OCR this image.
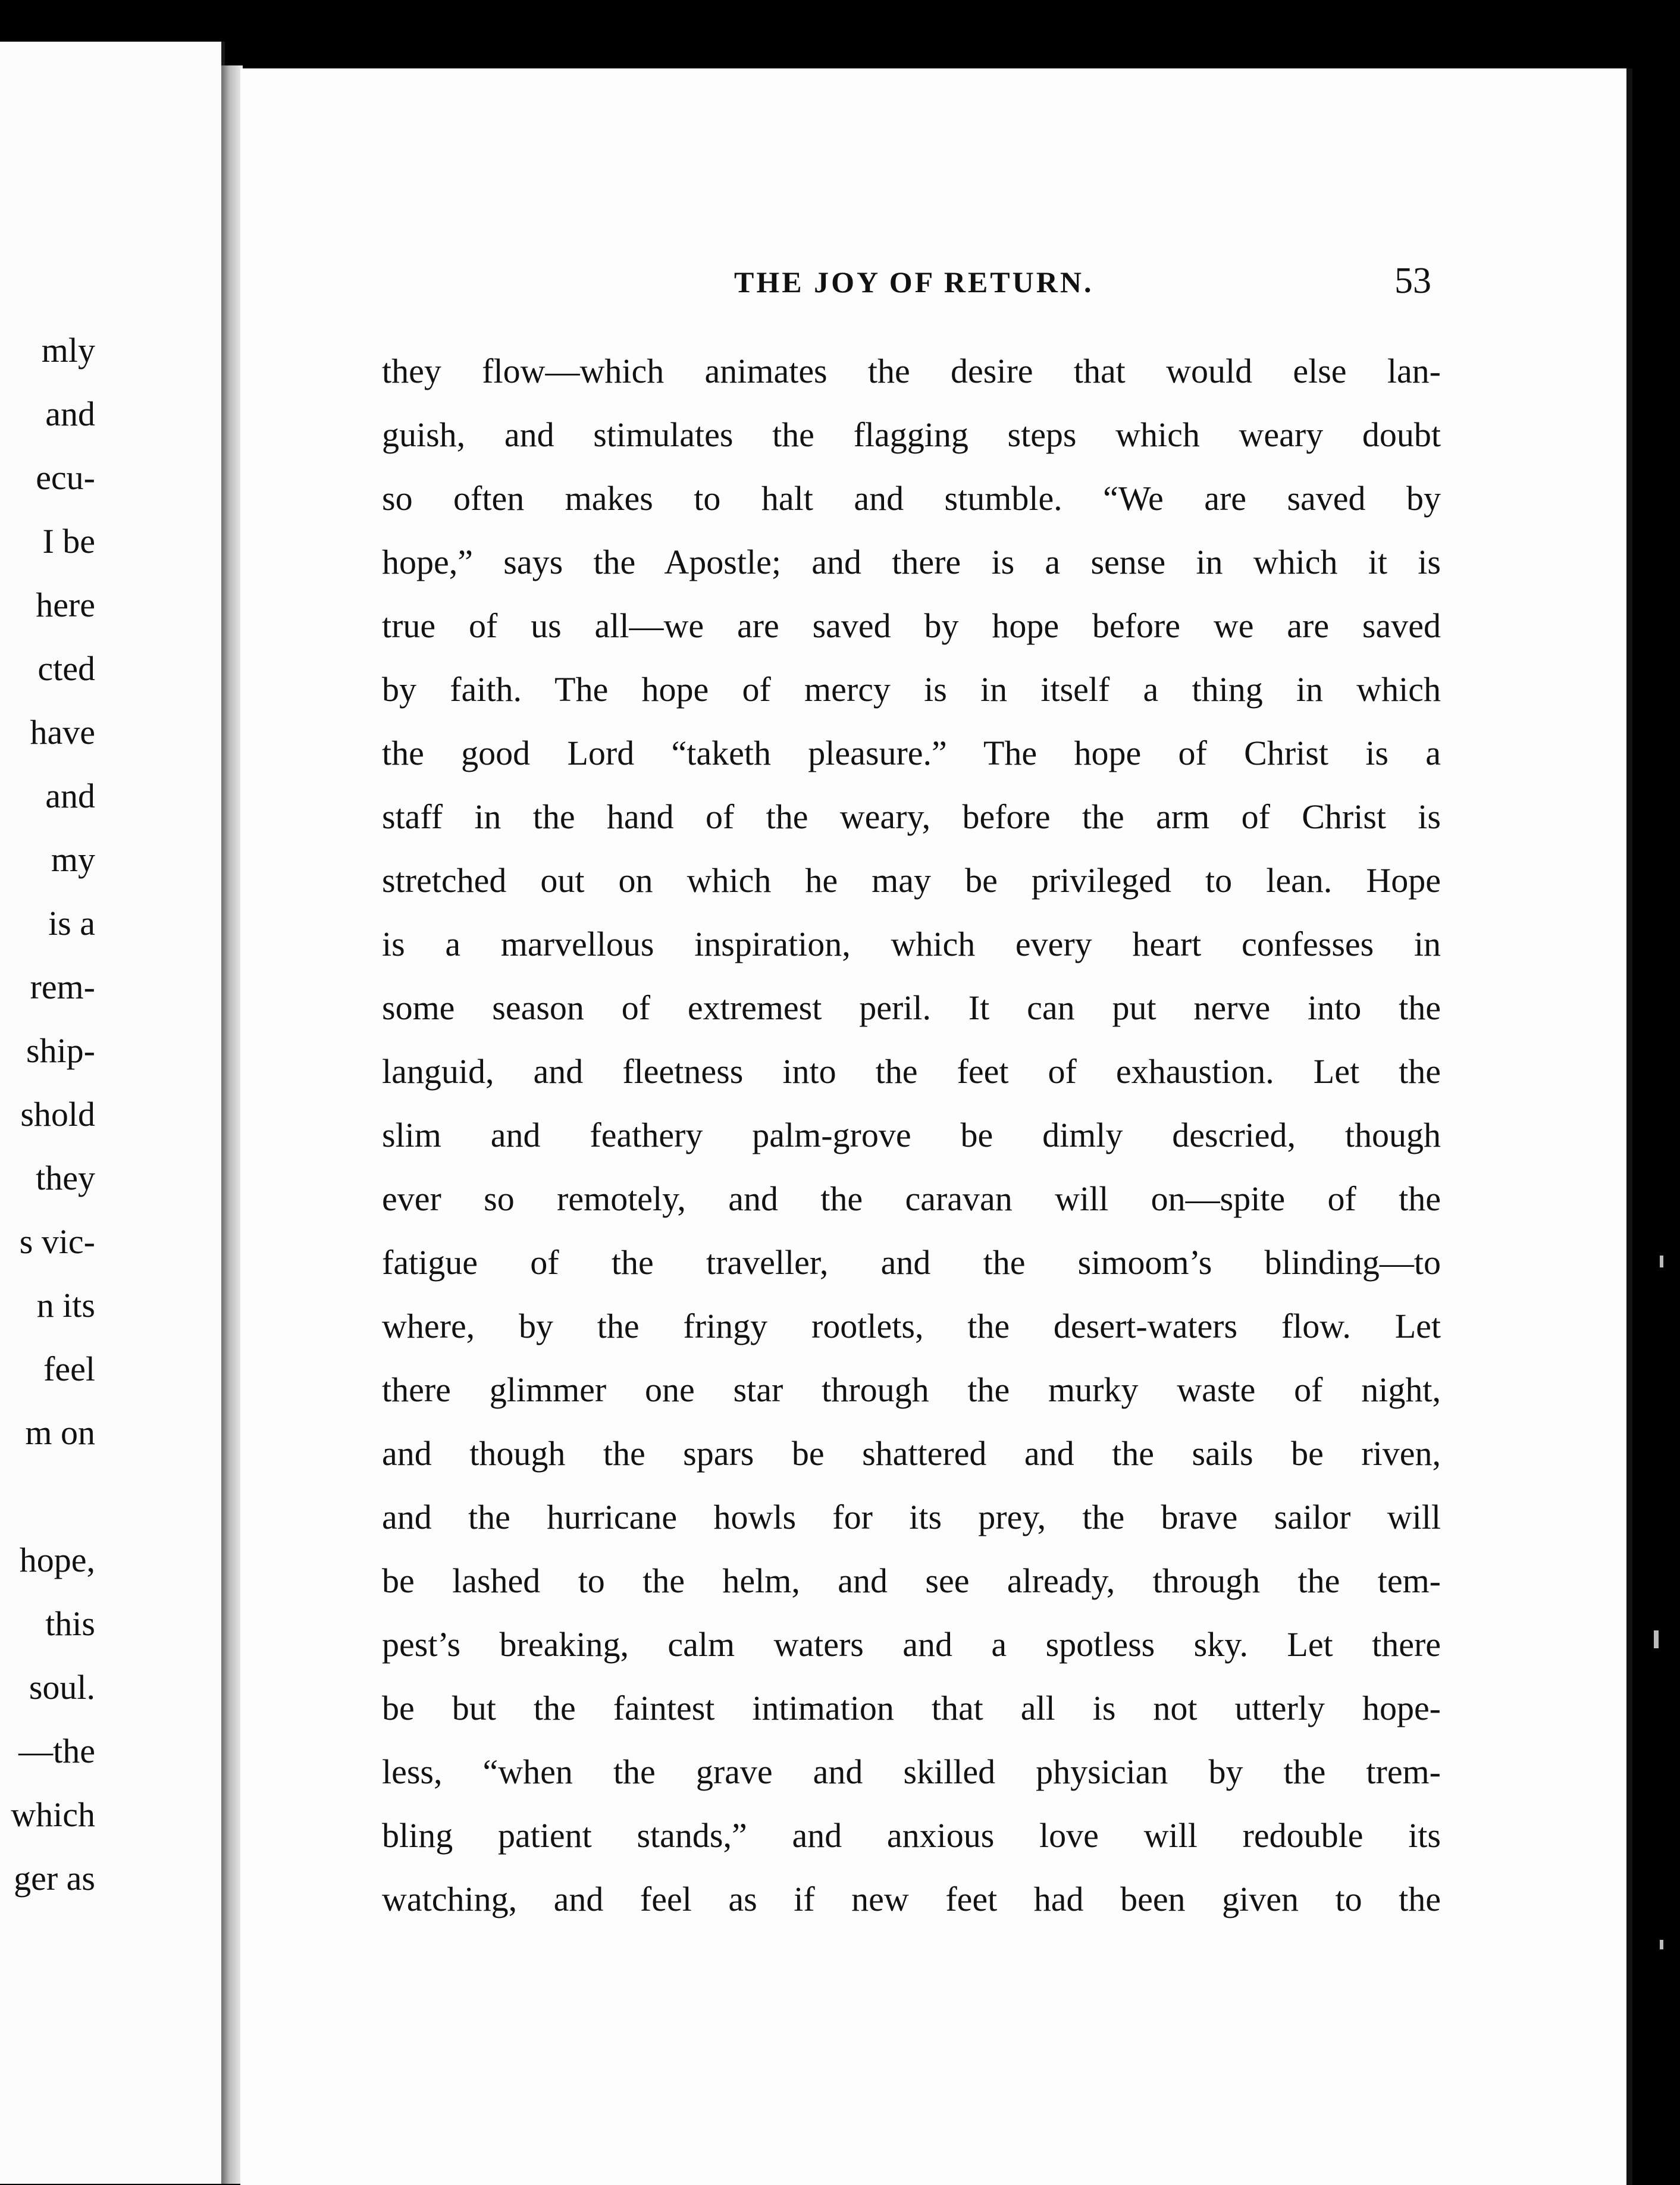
mly
and
ecu-
I be
here
cted
have
and
my
is a
rem-
ship-
shold
they
s vic-
n its
feel
m on
hope,
this
soul.
—the
which
ger as
THE JOY OF RETURN.	53
they flow—which animates the desire that would else lan-
guish, and stimulates the flagging steps which weary doubt
so often makes to halt and stumble. “We are saved by
hope,” says the Apostle; and there is a sense in which it is
true of us all—we are saved by hope before we are saved
by faith. The hope of mercy is in itself a thing in which
the good Lord “taketh pleasure.” The hope of Christ is a
staff in the hand of the weary, before the arm of Christ is
stretched out on which he may be privileged to lean. Hope
is a marvellous inspiration, which every heart confesses in
some season of extremest peril. It can put nerve into the
languid, and fleetness into the feet of exhaustion. Let the
slim and feathery palm-grove be dimly descried, though
ever so remotely, and the caravan will on—spite of the
fatigue of the traveller, and the simoom’s blinding—to
where, by the fringy rootlets, the desert-waters flow. Let
there glimmer one star through the murky waste of night,
and though the spars be shattered and the sails be riven,
and the hurricane howls for its prey, the brave sailor will
be lashed to the helm, and see already, through the tem-
pest’s breaking, calm waters and a spotless sky. Let there
be but the faintest intimation that all is not utterly hope-
less, “when the grave and skilled physician by the trem-
bling patient stands,” and anxious love will redouble its
watching, and feel as if new feet had been given to the
